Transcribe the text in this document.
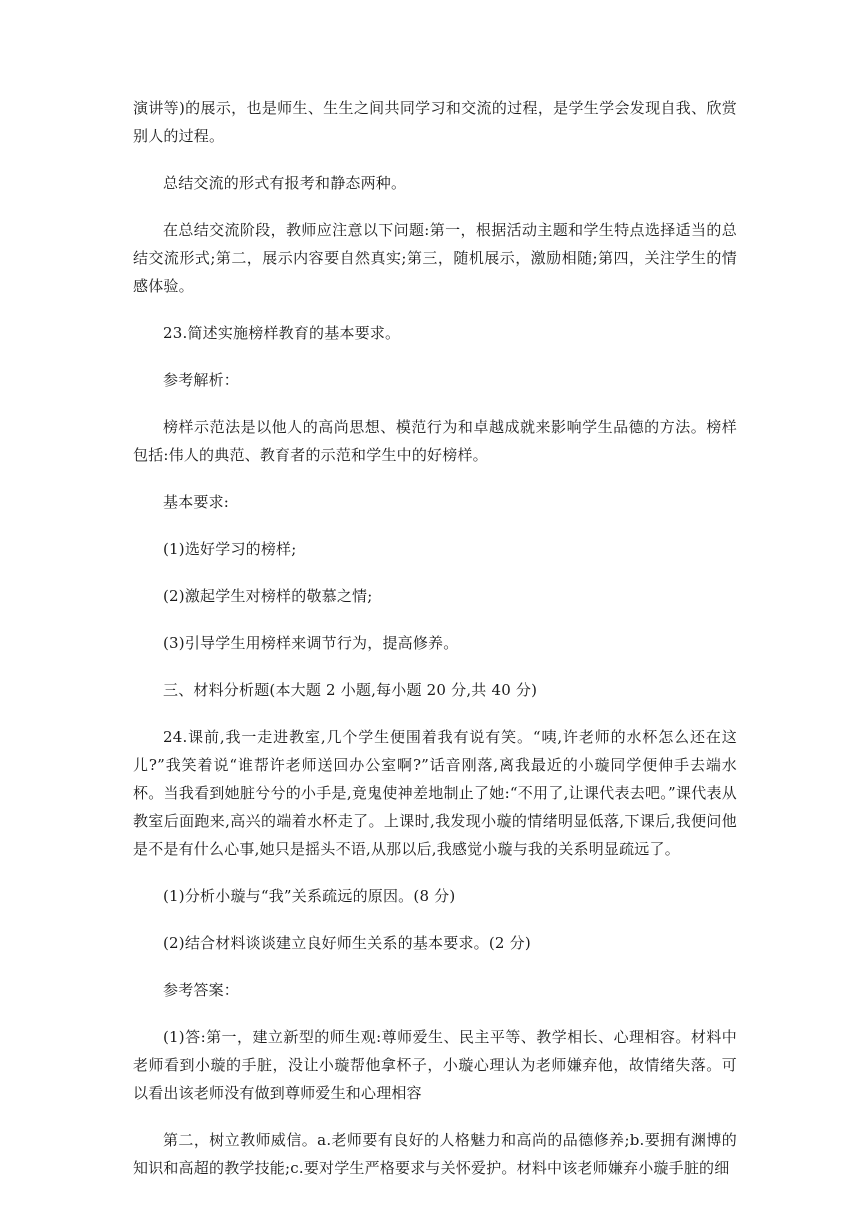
演讲等)的展示，也是师生、生生之间共同学习和交流的过程，是学生学会发现自我、欣赏别人的过程。

总结交流的形式有报考和静态两种。

在总结交流阶段，教师应注意以下问题:第一，根据活动主题和学生特点选择适当的总结交流形式;第二，展示内容要自然真实;第三，随机展示，激励相随;第四，关注学生的情感体验。

23.简述实施榜样教育的基本要求。

参考解析：

榜样示范法是以他人的高尚思想、模范行为和卓越成就来影响学生品德的方法。榜样包括:伟人的典范、教育者的示范和学生中的好榜样。

基本要求:

(1)选好学习的榜样;

(2)激起学生对榜样的敬慕之情;

(3)引导学生用榜样来调节行为，提高修养。

三、材料分析题(本大题 2 小题,每小题 20 分,共 40 分)

24.课前,我一走进教室,几个学生便围着我有说有笑。“咦,许老师的水杯怎么还在这儿?”我笑着说“谁帮许老师送回办公室啊?”话音刚落,离我最近的小璇同学便伸手去端水杯。当我看到她脏兮兮的小手是,竟鬼使神差地制止了她:“不用了,让课代表去吧。”课代表从教室后面跑来,高兴的端着水杯走了。上课时,我发现小璇的情绪明显低落,下课后,我便问他是不是有什么心事,她只是摇头不语,从那以后,我感觉小璇与我的关系明显疏远了。

(1)分析小璇与“我”关系疏远的原因。(8 分)

(2)结合材料谈谈建立良好师生关系的基本要求。(2 分)

参考答案：

(1)答:第一，建立新型的师生观:尊师爱生、民主平等、教学相长、心理相容。材料中老师看到小璇的手脏，没让小璇帮他拿杯子，小璇心理认为老师嫌弃他，故情绪失落。可以看出该老师没有做到尊师爱生和心理相容

第二，树立教师威信。a.老师要有良好的人格魅力和高尚的品德修养;b.要拥有渊博的知识和高超的教学技能;c.要对学生严格要求与关怀爱护。材料中该老师嫌弃小璇手脏的细
